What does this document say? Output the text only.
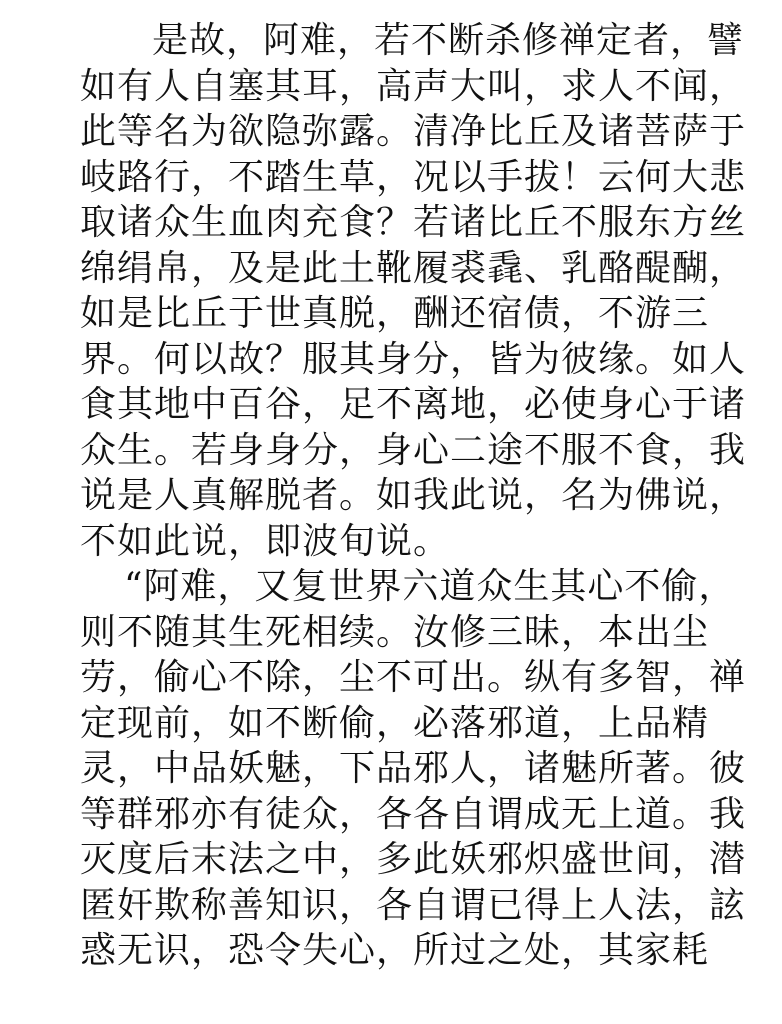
是故，阿难，若不断杀修禅定者，譬
如有人自塞其耳，高声大叫，求人不闻，
此等名为欲隐弥露。清净比丘及诸菩萨于
岐路行，不踏生草，况以手拔！云何大悲
取诸众生血肉充食？若诸比丘不服东方丝
绵绢帛，及是此土靴履裘毳、乳酪醍醐，
如是比丘于世真脱，酬还宿债，不游三
界。何以故？服其身分，皆为彼缘。如人
食其地中百谷，足不离地，必使身心于诸
众生。若身身分，身心二途不服不食，我
说是人真解脱者。如我此说，名为佛说，
不如此说，即波旬说。
“阿难，又复世界六道众生其心不偷，
则不随其生死相续。汝修三昧，本出尘
劳，偷心不除，尘不可出。纵有多智，禅
定现前，如不断偷，必落邪道，上品精
灵，中品妖魅，下品邪人，诸魅所著。彼
等群邪亦有徒众，各各自谓成无上道。我
灭度后末法之中，多此妖邪炽盛世间，潜
匿奸欺称善知识，各自谓已得上人法，詃
惑无识，恐令失心，所过之处，其家耗
